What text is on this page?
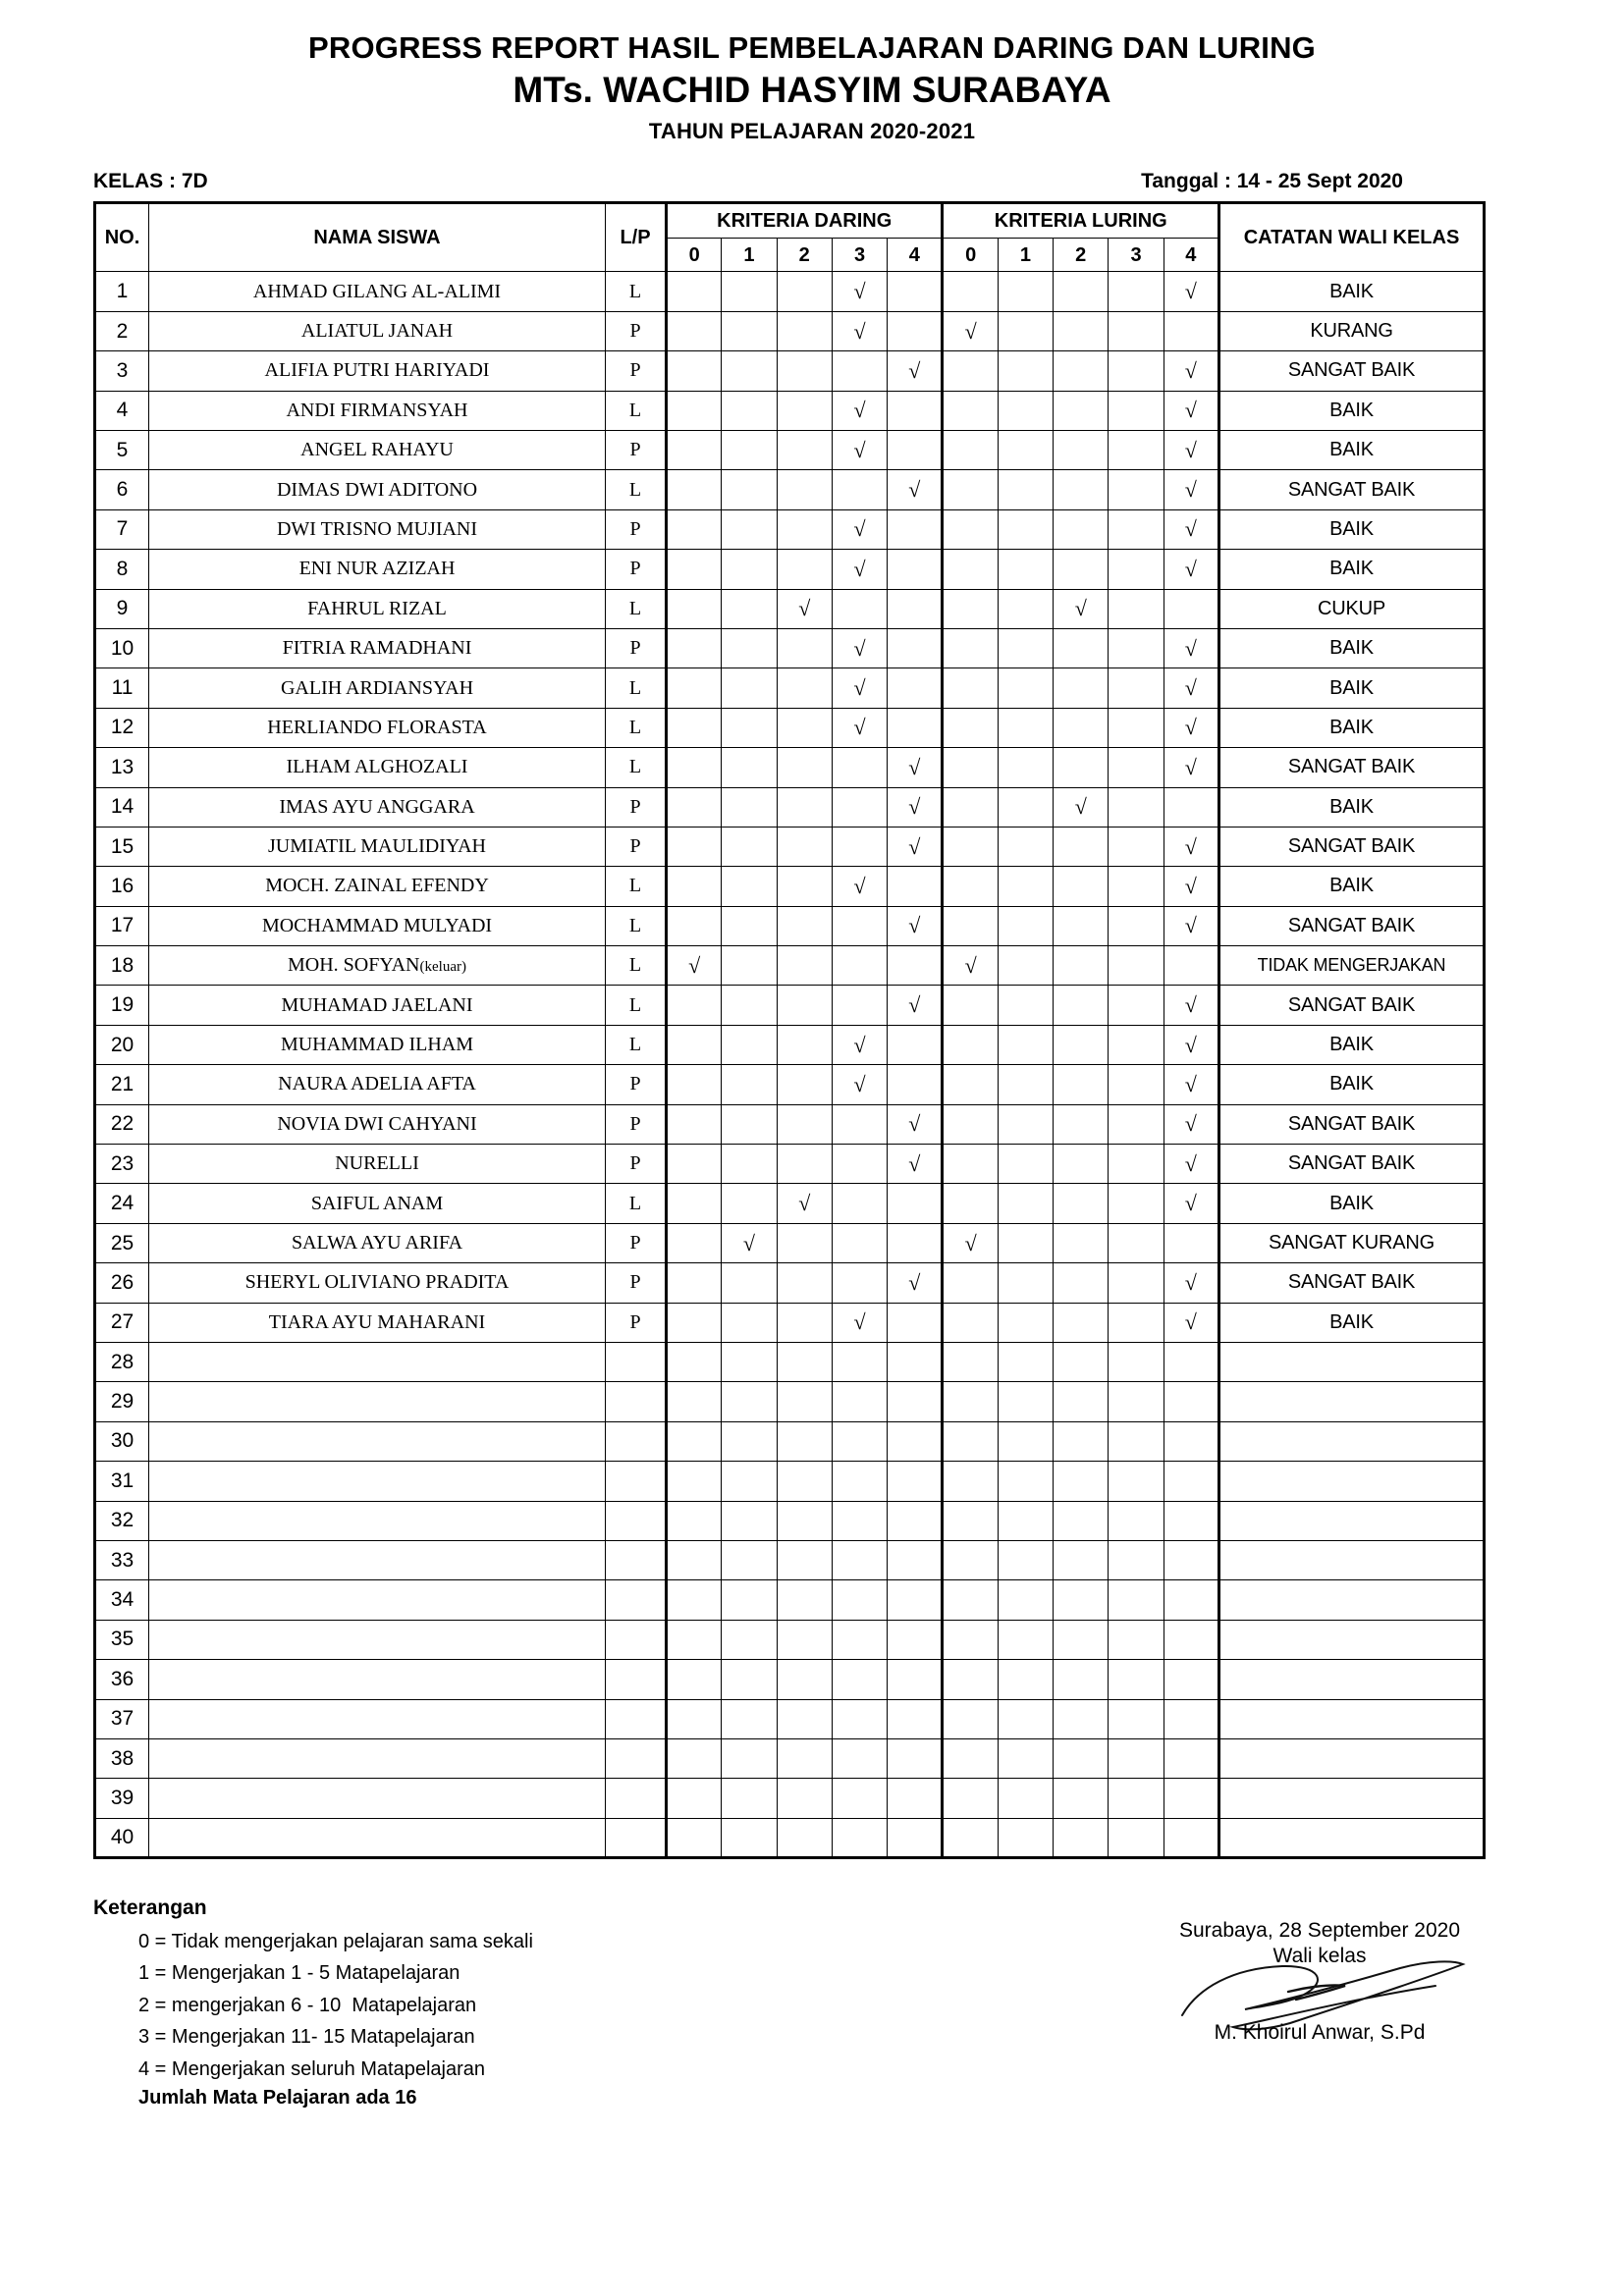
PROGRESS REPORT HASIL PEMBELAJARAN DARING DAN LURING
MTs. WACHID HASYIM SURABAYA
TAHUN PELAJARAN 2020-2021
KELAS : 7D	Tanggal : 14 - 25 Sept 2020
NO.	NAMA SISWA	L/P	KRITERIA DARING					KRITERIA LURING					CATATAN WALI KELAS
			0	1	2	3	4	0	1	2	3	4	
1	AHMAD GILANG AL-ALIMI	L				√						√	BAIK
2	ALIATUL JANAH	P				√		√					KURANG
3	ALIFIA PUTRI HARIYADI	P					√					√	SANGAT BAIK
4	ANDI FIRMANSYAH	L				√						√	BAIK
5	ANGEL RAHAYU	P				√						√	BAIK
6	DIMAS DWI ADITONO	L					√					√	SANGAT BAIK
7	DWI TRISNO MUJIANI	P				√						√	BAIK
8	ENI NUR AZIZAH	P				√						√	BAIK
9	FAHRUL RIZAL	L			√					√			CUKUP
10	FITRIA RAMADHANI	P				√						√	BAIK
11	GALIH ARDIANSYAH	L				√						√	BAIK
12	HERLIANDO FLORASTA	L				√						√	BAIK
13	ILHAM ALGHOZALI	L					√					√	SANGAT BAIK
14	IMAS AYU ANGGARA	P					√			√			BAIK
15	JUMIATIL MAULIDIYAH	P					√					√	SANGAT BAIK
16	MOCH. ZAINAL EFENDY	L				√						√	BAIK
17	MOCHAMMAD MULYADI	L					√					√	SANGAT BAIK
18	MOH. SOFYAN(keluar)	L	√					√					TIDAK MENGERJAKAN
19	MUHAMAD JAELANI	L					√					√	SANGAT BAIK
20	MUHAMMAD ILHAM	L				√						√	BAIK
21	NAURA ADELIA AFTA	P				√						√	BAIK
22	NOVIA DWI CAHYANI	P					√					√	SANGAT BAIK
23	NURELLI	P					√					√	SANGAT BAIK
24	SAIFUL ANAM	L			√							√	BAIK
25	SALWA AYU ARIFA	P		√				√					SANGAT KURANG
26	SHERYL OLIVIANO PRADITA	P					√					√	SANGAT BAIK
27	TIARA AYU MAHARANI	P				√						√	BAIK
28													
29													
30													
31													
32													
33													
34													
35													
36													
37													
38													
39													
40													
Keterangan
0 = Tidak mengerjakan pelajaran sama sekali
1 = Mengerjakan 1 - 5 Matapelajaran
2 = mengerjakan 6 - 10  Matapelajaran
3 = Mengerjakan 11- 15 Matapelajaran
4 = Mengerjakan seluruh Matapelajaran
Jumlah Mata Pelajaran ada 16
Surabaya, 28 September 2020
Wali kelas
M. Khoirul Anwar, S.Pd
